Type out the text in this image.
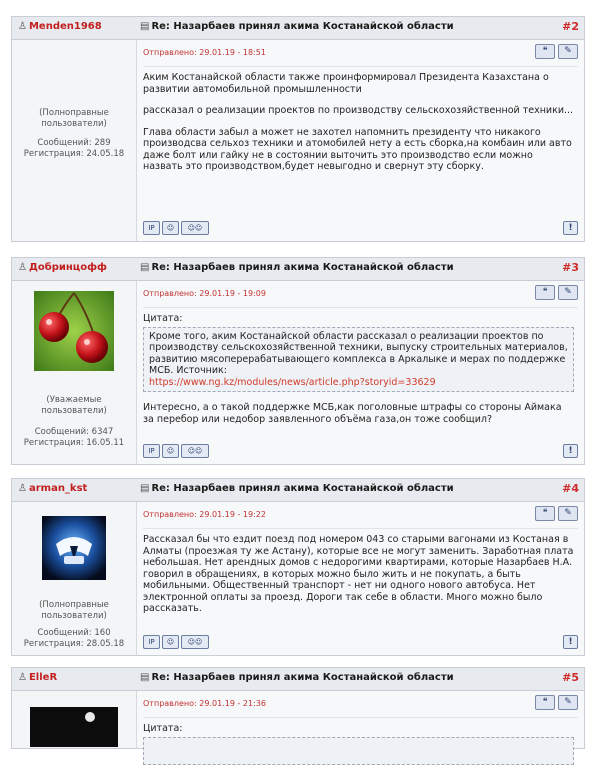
♙ Menden1968	▤ Re: Назарбаев принял акима Костанайской области	#2
(Полноправные
пользователи)
Сообщений: 289
Регистрация: 24.05.18
Отправлено: 29.01.19 - 18:51	❝ ✎

Аким Костанайской области также проинформировал Президента Казахстана о развитии автомобильной промышленности

рассказал о реализации проектов по производству сельскохозяйственной техники...

Глава области забыл а может не захотел напомнить президенту что никакого производсва сельхоз техники и атомобилей нету а есть сборка,на комбаин или авто даже болт или гайку не в состоянии выточить это производство если можно назвать это производством,будет невыгодно и свернут эту сборку.

IP ☺ ☺☺	!
♙ Добринцофф	▤ Re: Назарбаев принял акима Костанайской области	#3
(Уважаемые
пользователи)
Сообщений: 6347
Регистрация: 16.05.11
Отправлено: 29.01.19 - 19:09	❝ ✎
Цитата:
Кроме того, аким Костанайской области рассказал о реализации проектов по производству сельскохозяйственной техники, выпуску строительных материалов, развитию мясоперерабатывающего комплекса в Аркалыке и мерах по поддержке МСБ. Источник:
https://www.ng.kz/modules/news/article.php?storyid=33629

Интересно, а о такой поддержке МСБ,как поголовные штрафы со стороны Аймака за перебор или недобор заявленного объёма газа,он тоже сообщил?

IP ☺ ☺☺	!
♙ arman_kst	▤ Re: Назарбаев принял акима Костанайской области	#4
(Полноправные
пользователи)
Сообщений: 160
Регистрация: 28.05.18
Отправлено: 29.01.19 - 19:22	❝ ✎

Рассказал бы что ездит поезд под номером 043 со старыми вагонами из Костаная в Алматы (проезжая ту же Астану), которые все не могут заменить. Заработная плата небольшая. Нет арендных домов с недорогими квартирами, которые Назарбаев Н.А. говорил в обращениях, в которых можно было жить и не покупать, а быть мобильными. Общественный транспорт - нет ни одного нового автобуса. Нет электронной оплаты за проезд. Дороги так себе в области. Много можно было рассказать.

IP ☺ ☺☺	!
♙ ElleR	▤ Re: Назарбаев принял акима Костанайской области	#5
Отправлено: 29.01.19 - 21:36	❝ ✎
Цитата:
